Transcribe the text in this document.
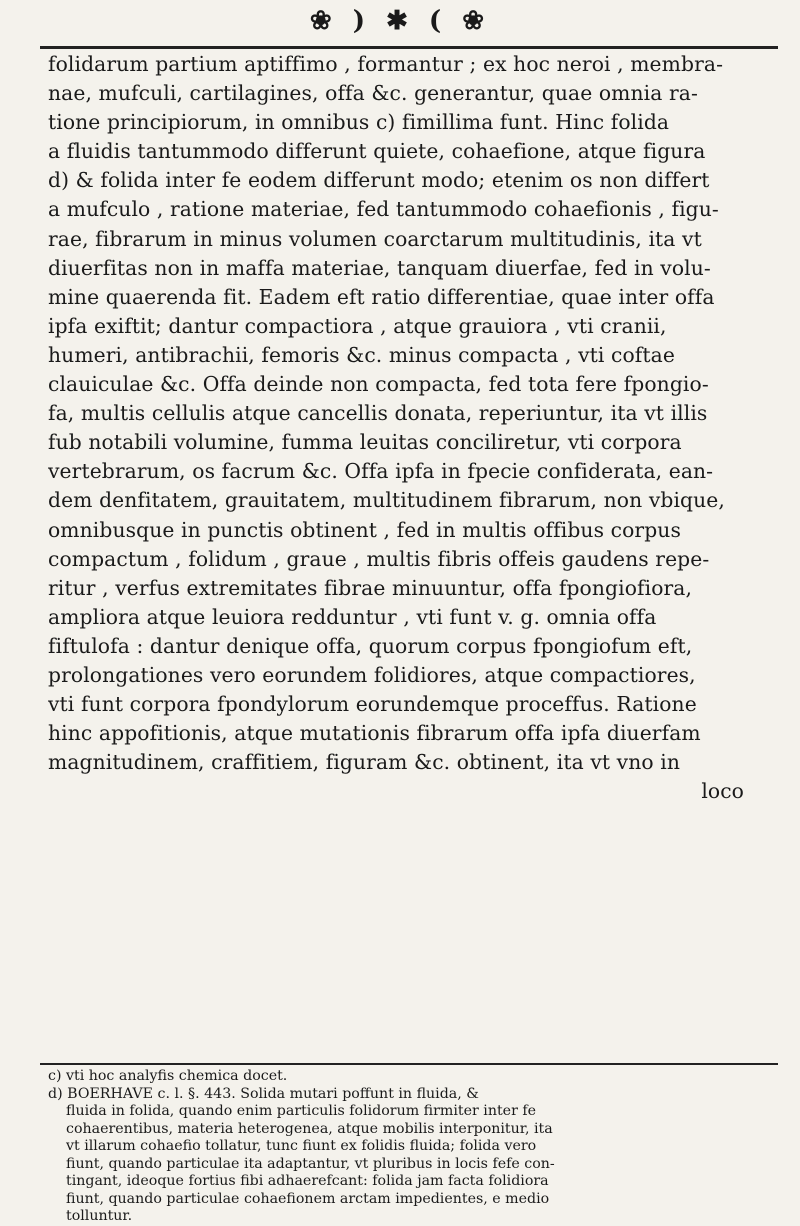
❀ ) ✱ ( ❀
folidarum partium aptiffimo , formantur ; ex hoc neroi , membra-
nae, mufculi, cartilagines, offa &c. generantur, quae omnia ra-
tione principiorum, in omnibus c) fimillima funt. Hinc folida
a fluidis tantummodo differunt quiete, cohaefione, atque figura
d) & folida inter fe eodem differunt modo; etenim os non differt
a mufculo , ratione materiae, fed tantummodo cohaefionis , figu-
rae, fibrarum in minus volumen coarctarum multitudinis, ita vt
diuerfitas non in maffa materiae, tanquam diuerfae, fed in volu-
mine quaerenda fit. Eadem eft ratio differentiae, quae inter offa
ipfa exiftit; dantur compactiora , atque grauiora , vti cranii,
humeri, antibrachii, femoris &c. minus compacta , vti coftae
clauiculae &c. Offa deinde non compacta, fed tota fere fpongio-
fa, multis cellulis atque cancellis donata, reperiuntur, ita vt illis
fub notabili volumine, fumma leuitas conciliretur, vti corpora
vertebrarum, os facrum &c. Offa ipfa in fpecie confiderata, ean-
dem denfitatem, grauitatem, multitudinem fibrarum, non vbique,
omnibusque in punctis obtinent , fed in multis offibus corpus
compactum , folidum , graue , multis fibris offeis gaudens repe-
ritur , verfus extremitates fibrae minuuntur, offa fpongiofiora,
ampliora atque leuiora redduntur , vti funt v. g. omnia offa
fiftulofa : dantur denique offa, quorum corpus fpongiofum eft,
prolongationes vero eorundem folidiores, atque compactiores,
vti funt corpora fpondylorum eorundemque proceffus. Ratione
hinc appofitionis, atque mutationis fibrarum offa ipfa diuerfam
magnitudinem, craffitiem, figuram &c. obtinent, ita vt vno in
loco
c) vti hoc analyfis chemica docet.
d) BOERHAVE c. l. §. 443. Solida mutari poffunt in fluida, &
fluida in folida, quando enim particulis folidorum firmiter inter fe
cohaerentibus, materia heterogenea, atque mobilis interponitur, ita
vt illarum cohaefio tollatur, tunc fiunt ex folidis fluida; folida vero
fiunt, quando particulae ita adaptantur, vt pluribus in locis fefe con-
tingant, ideoque fortius fibi adhaerefcant: folida jam facta folidiora
fiunt, quando particulae cohaefionem arctam impedientes, e medio
tolluntur.
